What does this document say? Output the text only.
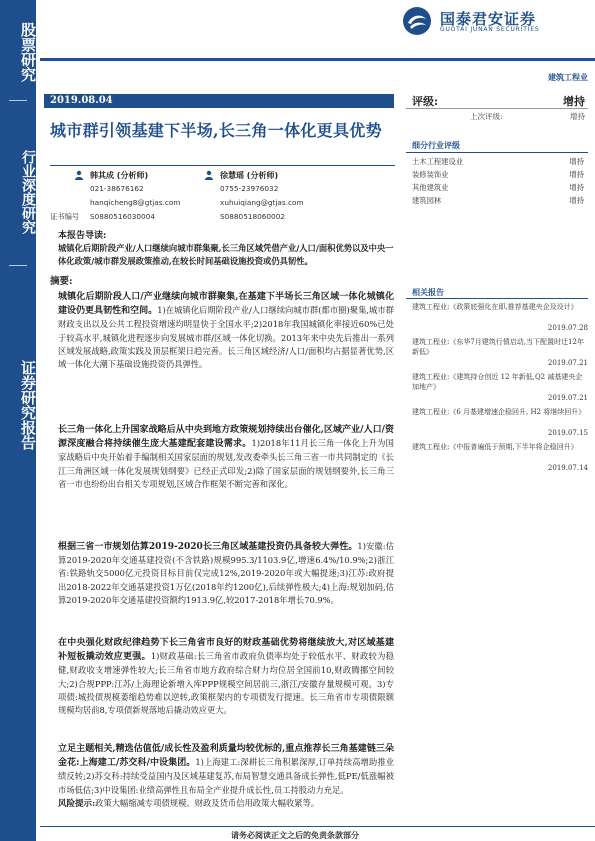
股票研究
行业深度研究
证券研究报告
国泰君安证券
GUOTAI JUNAN SECURITIES
建筑工程业
2019.08.04
城市群引领基建下半场,长三角一体化更具优势
韩其成 (分析师)
021-38676162
hanqicheng8@gtjas.com
证书编号 S0880516030004
徐慧瑶 (分析师)
0755-23976032
xuhuiqiang@gtjas.com
S0880518060002
评级:	增持
上次评级:	增持
细分行业评级
土木工程建设业	增持
装修装饰业	增持
其他建筑业	增持
建筑园林	增持
相关报告
建筑工程业:《政策底强化在即,推荐基建央企及设计》
2019.07.28
建筑工程业:《东华7月建筑行情启动,当下配置时迁12年新低》
2019.07.21
建筑工程业:《建筑持仓创近 12 年新低,Q2 减基建央企加地产》
2019.07.21
建筑工程业:《6 月基建增速企稳回升, H2 将继续回升》
2019.07.15
建筑工程业:《中报普遍低于预期,下半年将企稳回升》
2019.07.14
本报告导读:
城镇化后期阶段产业/人口继续向城市群集聚,长三角区域凭借产业/人口/面积优势以及中央一体化政策/城市群发展政策推动,在较长时间基础设施投资或仍具韧性。
摘要:
城镇化后期阶段人口/产业继续向城市群聚集,在基建下半场长三角区域一体化城镇化建设仍更具韧性和空间。1)在城镇化后期阶段产业/人口继续向城市群(都市圈)聚集,城市群财政支出以及公共工程投资增速均明显快于全国水平;2)2018年我国城镇化率接近60%已处于较高水平,城镇化进程逐步向发展城市群/区域一体化切换。2013年来中央先后推出一系列区域发展战略,政策实践及顶层框架日趋完善。长三角区域经济/人口/面积均占据显著优势,区域一体化大潮下基础设施投资仍具弹性。
长三角一体化上升国家战略后从中央到地方政策规划持续出台催化,区域产业/人口/资源深度融合将持续催生庞大基建配套建设需求。1)2018年11月长三角一体化上升为国家战略后中央开始着手编制相关国家层面的规划,发改委牵头长三角三省一市共同制定的《长江三角洲区域一体化发展规划纲要》已经正式印发;2)除了国家层面的规划纲要外,长三角三省一市也纷纷出台相关专项规划,区域合作框架不断完善和深化。
根据三省一市规划估算2019-2020长三角区域基建投资仍具备较大弹性。1)安徽:估算2019-2020年交通基建投资(不含铁路)规模995.3/1103.9亿,增速6.4%/10.9%;2)浙江省:铁路轨交5000亿元投资目标目前仅完成12%,2019-2020年或大幅提速;3)江苏:政府提出2018-2022年交通基建投资1万亿(2018年约1200亿),后续弹性极大;4)上海:规划加码,估算2019-2020年交通基建投资额约1913.9亿,较2017-2018年增长70.9%。
在中央强化财政纪律趋势下长三角省市良好的财政基础优势将继续放大,对区域基建补短板撬动效应更强。1)财政基础:长三角省市政府负债率均处于较低水平、财政较为稳健,财政收支增速弹性较大;长三角省市地方政府综合财力均位居全国前10,财政腾挪空间较大;2)合规PPP:江苏/上海理论新增入库PPP规模空间居前三,浙江/安徽存量规模可观。3)专项债:城投债规模萎缩趋势难以逆转,政策框架内的专项债发行提速。长三角省市专项债限额规模均居前8,专项债新规落地后撬动效应更大。
立足主题相关,精选估值低/成长性及盈利质量均较优标的,重点推荐长三角基建链三朵金花:上海建工/苏交科/中设集团。1)上海建工:深耕长三角积累深厚,订单持续高增助推业绩反转;2)苏交科:持续受益国内及区域基建复苏,布局智慧交通具备成长弹性,低PE/低涨幅被市场低估;3)中设集团:业绩高弹性且布局全产业提升成长性,员工持股动力充足。
风险提示:政策大幅缩减专项债规模、财政及货币信用政策大幅收紧等。
请务必阅读正文之后的免责条款部分
